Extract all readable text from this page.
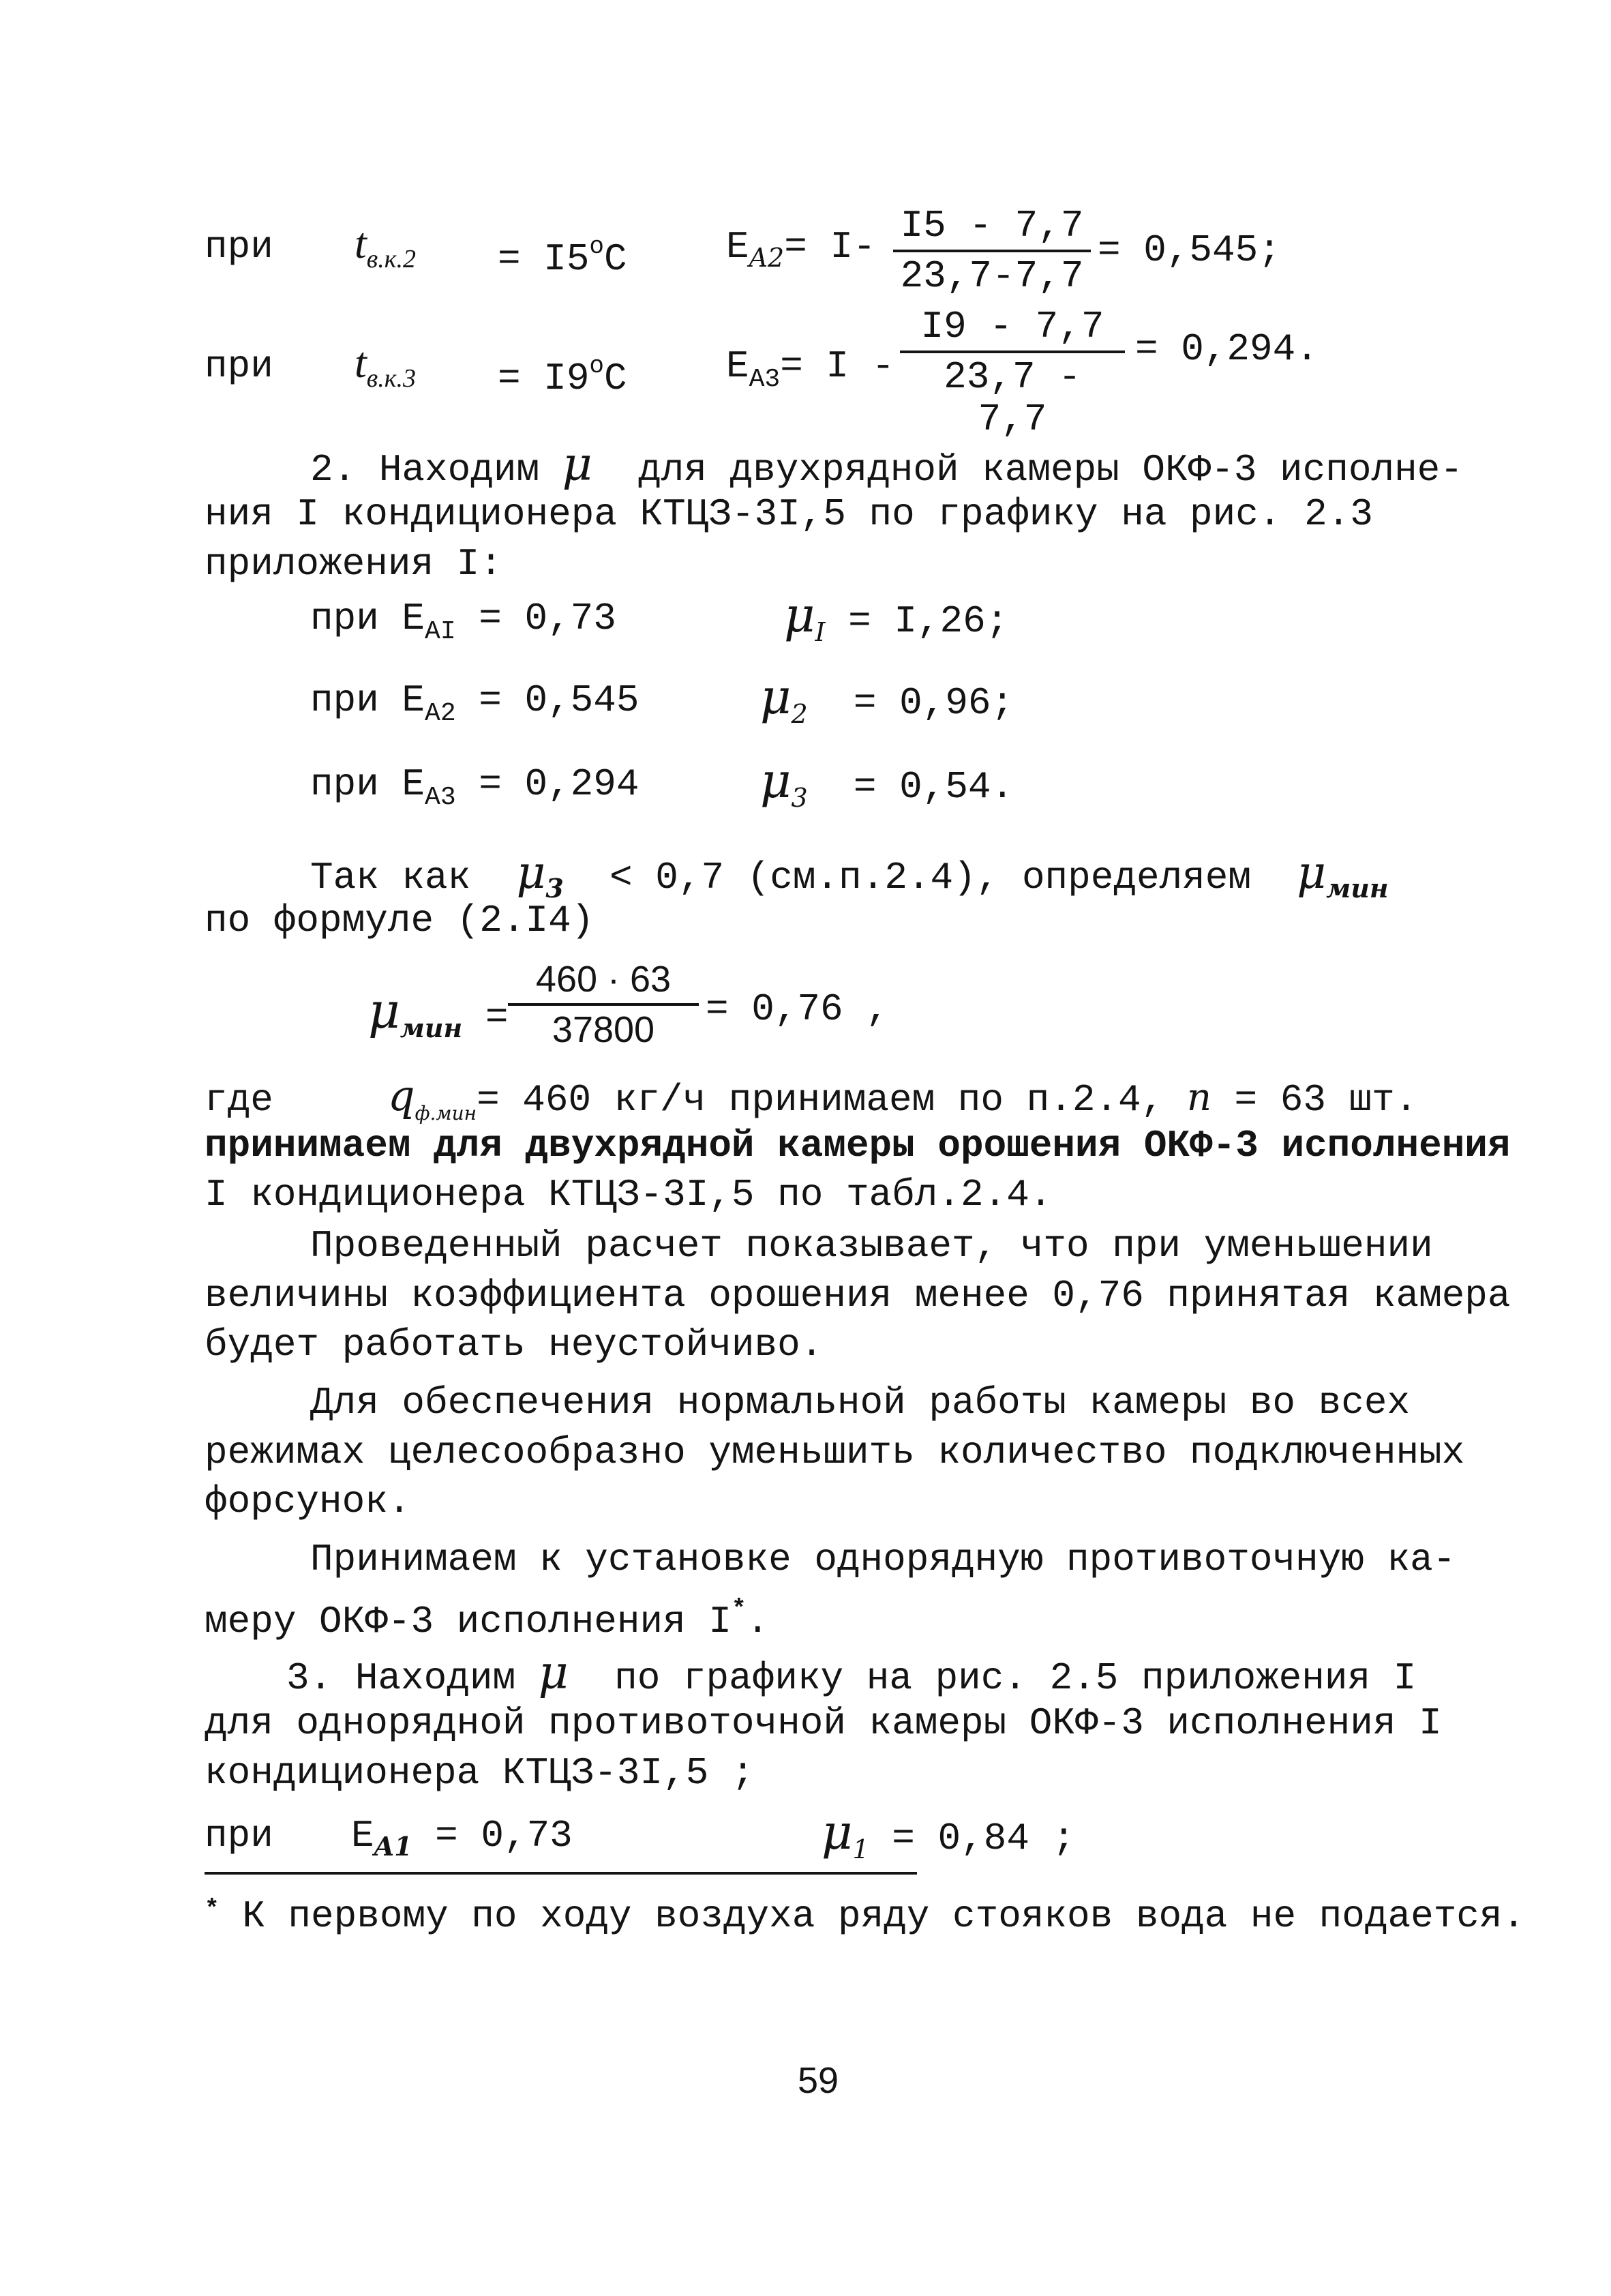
при $t_{в.к.2} = I5^oC$	$E_{A2}= I-$ I5 - 7,7
23,7-7,7
= 0,545;
при $t_{в.к.3} = I9^oC$	$E_{A3}= I$ -
I9 - 7,7
23,7 - 7,7
= 0,294.
2. Находим μ для двухрядной камеры ОКФ-3 исполне-
ния I кондиционера КТЦЗ-3I,5 по графику на рис. 2.3
приложения I:
при $E_{AI} = 0,73$	$\mu_I = I,26$;
при $E_{A2} = 0,545$	$\mu_2 = 0,96$;
при $E_{A3} = 0,294$	$\mu_3 = 0,54$.
Так как $\mu_3 < 0,7$ (см.п.2.4), определяем $\mu_{мин}$
по формуле (2.I4)
$\mu_{мин}$ =
460 · 63
37800	= 0,76 ,
где	$q_{ф.мин}= 460$ кг/ч принимаем по п.2.4, n = 63 шт.
принимаем для двухрядной камеры орошения ОКФ-3 исполнения
I кондиционера КТЦЗ-3I,5 по табл.2.4.
Проведенный расчет показывает, что при уменьшении
величины коэффициента орошения менее 0,76 принятая камера
будет работать неустойчиво.
Для обеспечения нормальной работы камеры во всех
режимах целесообразно уменьшить количество подключенных
форсунок.
Принимаем к установке однорядную противоточную ка-
меру ОКФ-3 исполнения I*.
3. Находим μ по графику на рис. 2.5 приложения I
для однорядной противоточной камеры ОКФ-3 исполнения I
кондиционера КТЦЗ-3I,5 ;
при $E_{A1} = 0,73$	$\mu_1 = 0,84$ ;
* К первому по ходу воздуха ряду стояков вода не подается.
59
